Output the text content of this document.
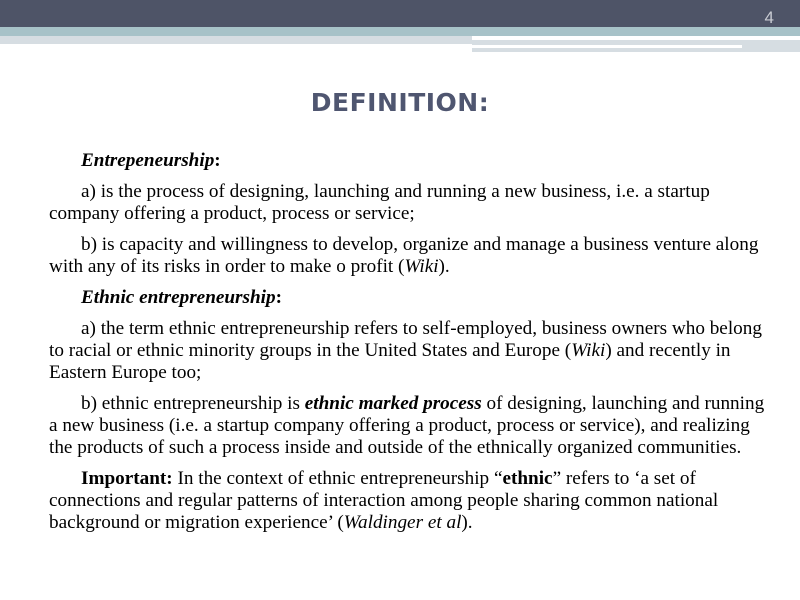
4
DEFINITION:

Entrepeneurship:

a) is the process of designing, launching and running a new business, i.e. a startup company offering a product, process or service;

b) is capacity and willingness to develop, organize and manage a business venture along with any of its risks in order to make o profit (Wiki).

Ethnic entrepreneurship:

a) the term ethnic entrepreneurship refers to self-employed, business owners who belong to racial or ethnic minority groups in the United States and Europe (Wiki) and recently in Eastern Europe too;

b) ethnic entrepreneurship is ethnic marked process of designing, launching and running a new business (i.e. a startup company offering a product, process or service), and realizing the products of such a process inside and outside of the ethnically organized communities.

Important: In the context of ethnic entrepreneurship “ethnic” refers to ‘a set of connections and regular patterns of interaction among people sharing common national background or migration experience’ (Waldinger et al).
